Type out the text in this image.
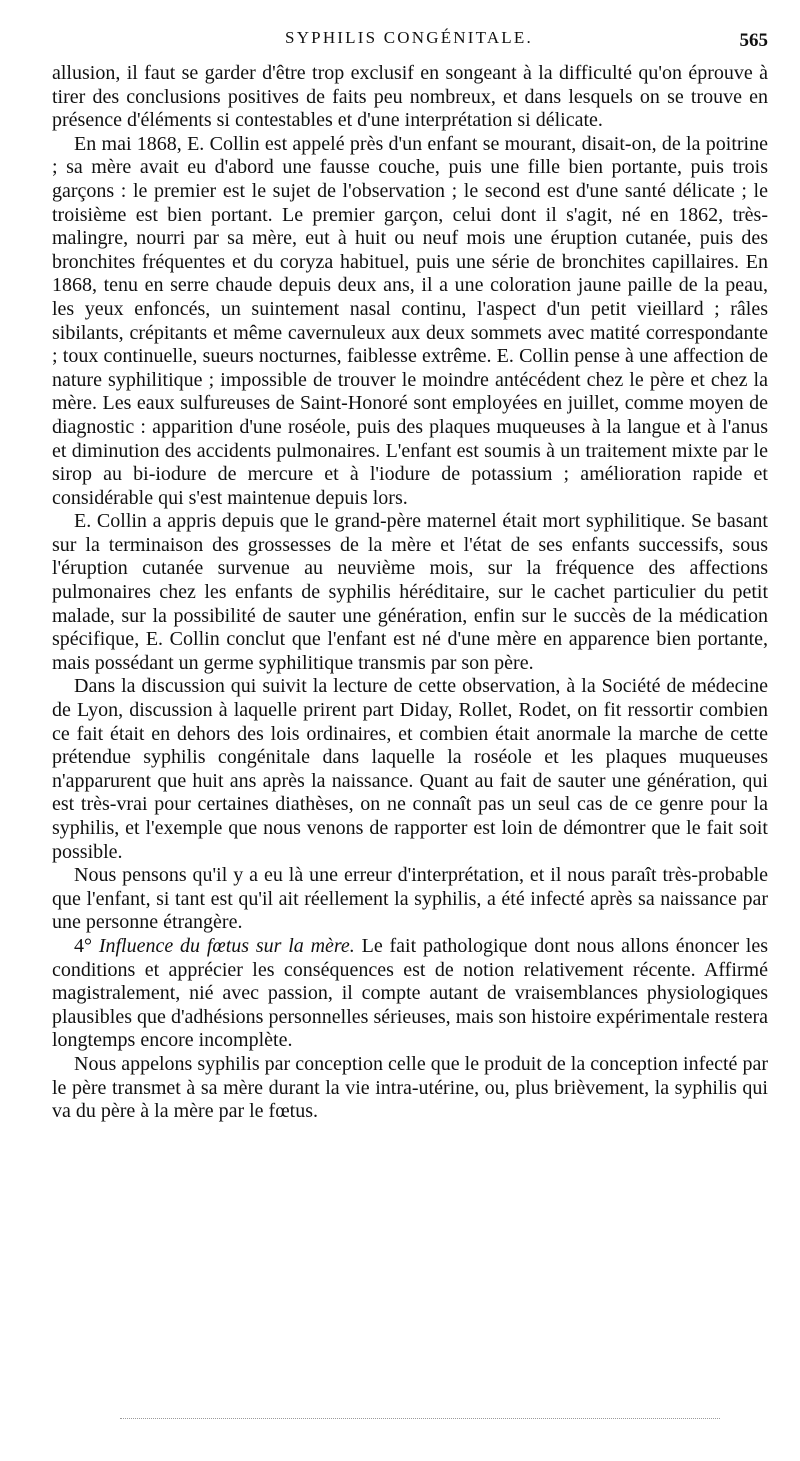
SYPHILIS CONGÉNITALE.	565

allusion, il faut se garder d'être trop exclusif en songeant à la difficulté qu'on éprouve à tirer des conclusions positives de faits peu nombreux, et dans lesquels on se trouve en présence d'éléments si contestables et d'une interprétation si délicate.

En mai 1868, E. Collin est appelé près d'un enfant se mourant, disait-on, de la poitrine ; sa mère avait eu d'abord une fausse couche, puis une fille bien portante, puis trois garçons : le premier est le sujet de l'observation ; le second est d'une santé délicate ; le troisième est bien portant. Le premier garçon, celui dont il s'agit, né en 1862, très-malingre, nourri par sa mère, eut à huit ou neuf mois une éruption cutanée, puis des bronchites fréquentes et du coryza habituel, puis une série de bronchites capillaires. En 1868, tenu en serre chaude depuis deux ans, il a une coloration jaune paille de la peau, les yeux enfoncés, un suintement nasal continu, l'aspect d'un petit vieillard ; râles sibilants, crépitants et même cavernuleux aux deux sommets avec matité correspondante ; toux continuelle, sueurs nocturnes, faiblesse extrême. E. Collin pense à une affection de nature syphilitique ; impossible de trouver le moindre antécédent chez le père et chez la mère. Les eaux sulfureuses de Saint-Honoré sont employées en juillet, comme moyen de diagnostic : apparition d'une roséole, puis des plaques muqueuses à la langue et à l'anus et diminution des accidents pulmonaires. L'enfant est soumis à un traitement mixte par le sirop au bi-iodure de mercure et à l'iodure de potassium ; amélioration rapide et considérable qui s'est maintenue depuis lors.

E. Collin a appris depuis que le grand-père maternel était mort syphilitique. Se basant sur la terminaison des grossesses de la mère et l'état de ses enfants successifs, sous l'éruption cutanée survenue au neuvième mois, sur la fréquence des affections pulmonaires chez les enfants de syphilis héréditaire, sur le cachet particulier du petit malade, sur la possibilité de sauter une génération, enfin sur le succès de la médication spécifique, E. Collin conclut que l'enfant est né d'une mère en apparence bien portante, mais possédant un germe syphilitique transmis par son père.

Dans la discussion qui suivit la lecture de cette observation, à la Société de médecine de Lyon, discussion à laquelle prirent part Diday, Rollet, Rodet, on fit ressortir combien ce fait était en dehors des lois ordinaires, et combien était anormale la marche de cette prétendue syphilis congénitale dans laquelle la roséole et les plaques muqueuses n'apparurent que huit ans après la naissance. Quant au fait de sauter une génération, qui est très-vrai pour certaines diathèses, on ne connaît pas un seul cas de ce genre pour la syphilis, et l'exemple que nous venons de rapporter est loin de démontrer que le fait soit possible.

Nous pensons qu'il y a eu là une erreur d'interprétation, et il nous paraît très-probable que l'enfant, si tant est qu'il ait réellement la syphilis, a été infecté après sa naissance par une personne étrangère.

4° Influence du fœtus sur la mère. Le fait pathologique dont nous allons énoncer les conditions et apprécier les conséquences est de notion relativement récente. Affirmé magistralement, nié avec passion, il compte autant de vraisemblances physiologiques plausibles que d'adhésions personnelles sérieuses, mais son histoire expérimentale restera longtemps encore incomplète.

Nous appelons syphilis par conception celle que le produit de la conception infecté par le père transmet à sa mère durant la vie intra-utérine, ou, plus brièvement, la syphilis qui va du père à la mère par le fœtus.
